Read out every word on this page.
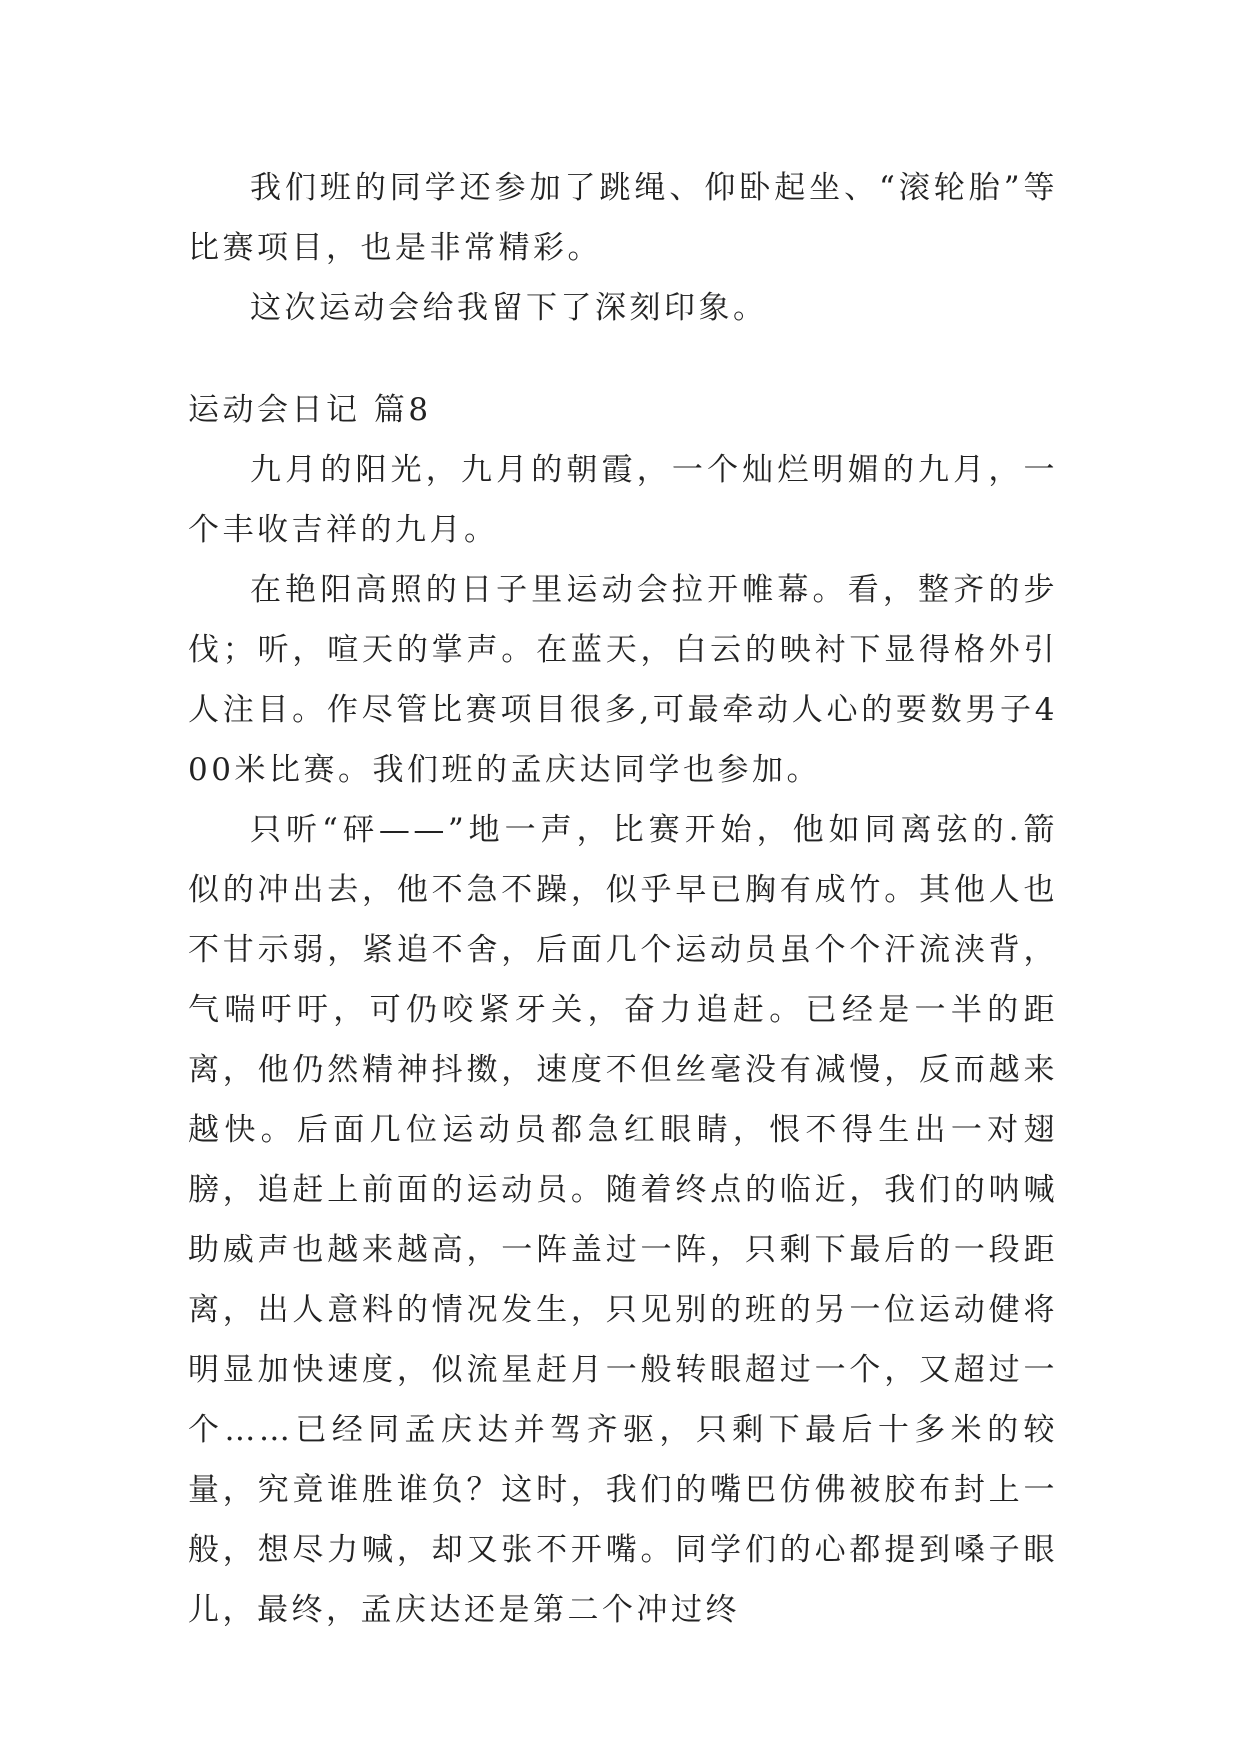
我们班的同学还参加了跳绳、仰卧起坐、“滚轮胎”等比赛项目，也是非常精彩。

这次运动会给我留下了深刻印象。

运动会日记 篇8

九月的阳光，九月的朝霞，一个灿烂明媚的九月，一个丰收吉祥的九月。

在艳阳高照的日子里运动会拉开帷幕。看，整齐的步伐；听，喧天的掌声。在蓝天，白云的映衬下显得格外引人注目。作尽管比赛项目很多,可最牵动人心的要数男子400米比赛。我们班的孟庆达同学也参加。

只听“砰——”地一声，比赛开始，他如同离弦的.箭似的冲出去，他不急不躁，似乎早已胸有成竹。其他人也不甘示弱，紧追不舍，后面几个运动员虽个个汗流浃背，气喘吁吁，可仍咬紧牙关，奋力追赶。已经是一半的距离，他仍然精神抖擞，速度不但丝毫没有减慢，反而越来越快。后面几位运动员都急红眼睛，恨不得生出一对翅膀，追赶上前面的运动员。随着终点的临近，我们的呐喊助威声也越来越高，一阵盖过一阵，只剩下最后的一段距离，出人意料的情况发生，只见别的班的另一位运动健将明显加快速度，似流星赶月一般转眼超过一个，又超过一个……已经同孟庆达并驾齐驱，只剩下最后十多米的较量，究竟谁胜谁负？这时，我们的嘴巴仿佛被胶布封上一般，想尽力喊，却又张不开嘴。同学们的心都提到嗓子眼儿，最终，孟庆达还是第二个冲过终
